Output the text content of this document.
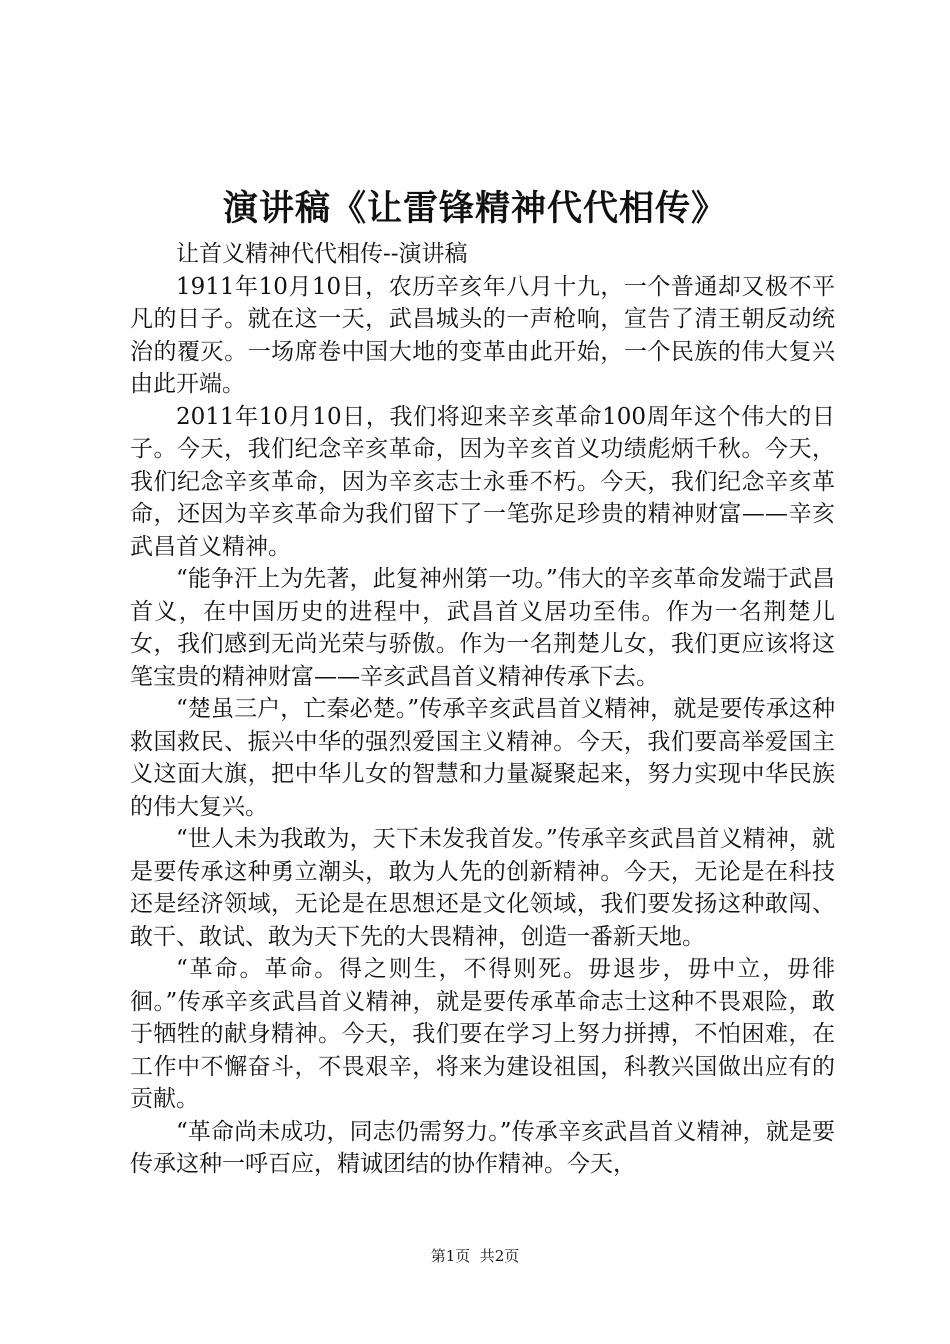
演讲稿《让雷锋精神代代相传》

让首义精神代代相传--演讲稿

1911年10月10日，农历辛亥年八月十九，一个普通却又极不平凡的日子。就在这一天，武昌城头的一声枪响，宣告了清王朝反动统治的覆灭。一场席卷中国大地的变革由此开始，一个民族的伟大复兴由此开端。

2011年10月10日，我们将迎来辛亥革命100周年这个伟大的日子。今天，我们纪念辛亥革命，因为辛亥首义功绩彪炳千秋。今天，我们纪念辛亥革命，因为辛亥志士永垂不朽。今天，我们纪念辛亥革命，还因为辛亥革命为我们留下了一笔弥足珍贵的精神财富——辛亥武昌首义精神。

“能争汗上为先著，此复神州第一功。”伟大的辛亥革命发端于武昌首义，在中国历史的进程中，武昌首义居功至伟。作为一名荆楚儿女，我们感到无尚光荣与骄傲。作为一名荆楚儿女，我们更应该将这笔宝贵的精神财富——辛亥武昌首义精神传承下去。

“楚虽三户，亡秦必楚。”传承辛亥武昌首义精神，就是要传承这种救国救民、振兴中华的强烈爱国主义精神。今天，我们要高举爱国主义这面大旗，把中华儿女的智慧和力量凝聚起来，努力实现中华民族的伟大复兴。

“世人未为我敢为，天下未发我首发。”传承辛亥武昌首义精神，就是要传承这种勇立潮头，敢为人先的创新精神。今天，无论是在科技还是经济领域，无论是在思想还是文化领域，我们要发扬这种敢闯、敢干、敢试、敢为天下先的大畏精神，创造一番新天地。

“革命。革命。得之则生，不得则死。毋退步，毋中立，毋徘徊。”传承辛亥武昌首义精神，就是要传承革命志士这种不畏艰险，敢于牺牲的献身精神。今天，我们要在学习上努力拼搏，不怕困难，在工作中不懈奋斗，不畏艰辛，将来为建设祖国，科教兴国做出应有的贡献。

“革命尚未成功，同志仍需努力。”传承辛亥武昌首义精神，就是要传承这种一呼百应，精诚团结的协作精神。今天，

第1页  共2页
